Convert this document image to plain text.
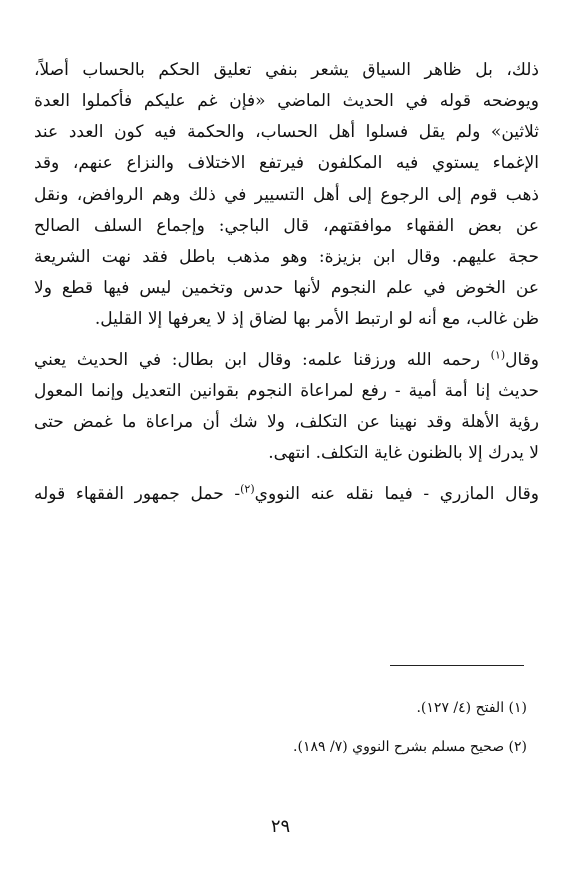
ذلك، بل ظاهر السياق يشعر بنفي تعليق الحكم بالحساب أصلاً،
ويوضحه قوله في الحديث الماضي «فإن غم عليكم فأكملوا العدة
ثلاثين» ولم يقل فسلوا أهل الحساب، والحكمة فيه كون العدد عند
الإغماء يستوي فيه المكلفون فيرتفع الاختلاف والنزاع عنهم، وقد
ذهب قوم إلى الرجوع إلى أهل التسيير في ذلك وهم الروافض، ونقل
عن بعض الفقهاء موافقتهم، قال الباجي: وإجماع السلف الصالح
حجة عليهم. وقال ابن بزيزة: وهو مذهب باطل فقد نهت الشريعة
عن الخوض في علم النجوم لأنها حدس وتخمين ليس فيها قطع ولا
ظن غالب، مع أنه لو ارتبط الأمر بها لضاق إذ لا يعرفها إلا القليل.
وقال$^{(١)}$ رحمه الله ورزقنا علمه: وقال ابن بطال: في الحديث يعني
حديث إنا أمة أمية - رفع لمراعاة النجوم بقوانين التعديل وإنما المعول
رؤية الأهلة وقد نهينا عن التكلف، ولا شك أن مراعاة ما غمض حتى
لا يدرك إلا بالظنون غاية التكلف. انتهى.
وقال المازري - فيما نقله عنه النووي$^{(٢)}$- حمل جمهور الفقهاء قوله
(١) الفتح (٤/ ١٢٧).
(٢) صحيح مسلم بشرح النووي (٧/ ١٨٩).
٢٩
